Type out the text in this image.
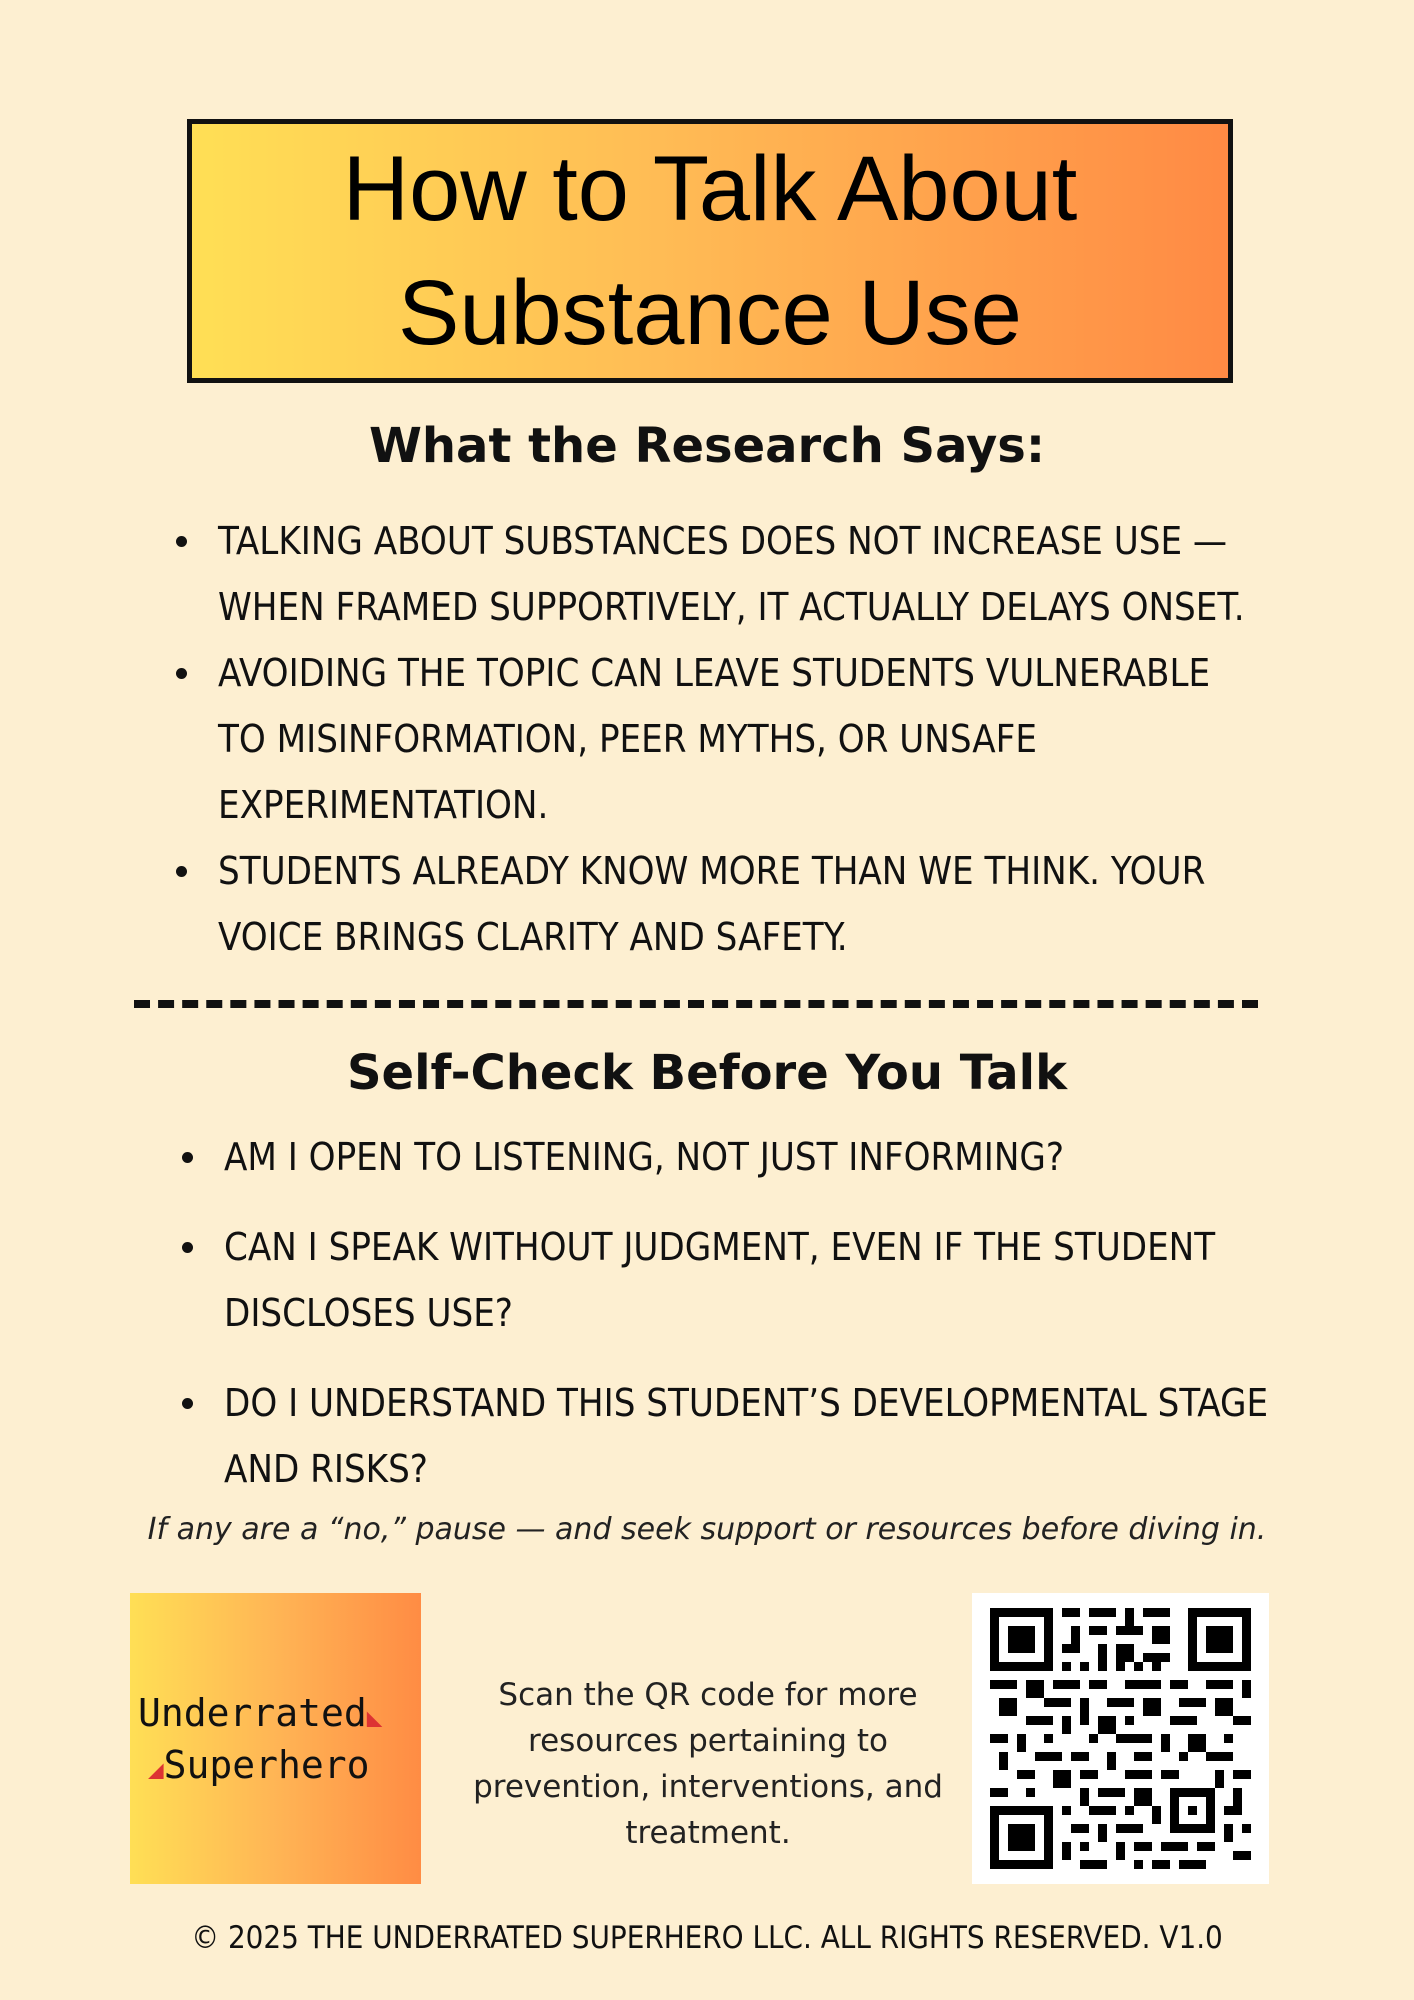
How to Talk About
Substance Use
What the Research Says:
TALKING ABOUT SUBSTANCES DOES NOT INCREASE USE — WHEN FRAMED SUPPORTIVELY, IT ACTUALLY DELAYS ONSET.
AVOIDING THE TOPIC CAN LEAVE STUDENTS VULNERABLE TO MISINFORMATION, PEER MYTHS, OR UNSAFE EXPERIMENTATION.
STUDENTS ALREADY KNOW MORE THAN WE THINK. YOUR VOICE BRINGS CLARITY AND SAFETY.
Self-Check Before You Talk
AM I OPEN TO LISTENING, NOT JUST INFORMING?
CAN I SPEAK WITHOUT JUDGMENT, EVEN IF THE STUDENT DISCLOSES USE?
DO I UNDERSTAND THIS STUDENT’S DEVELOPMENTAL STAGE AND RISKS?
If any are a “no,” pause — and seek support or resources before diving in.
Underrated◣
◢Superhero
Scan the QR code for more resources pertaining to prevention, interventions, and treatment.
© 2025 THE UNDERRATED SUPERHERO LLC. ALL RIGHTS RESERVED. V1.0
